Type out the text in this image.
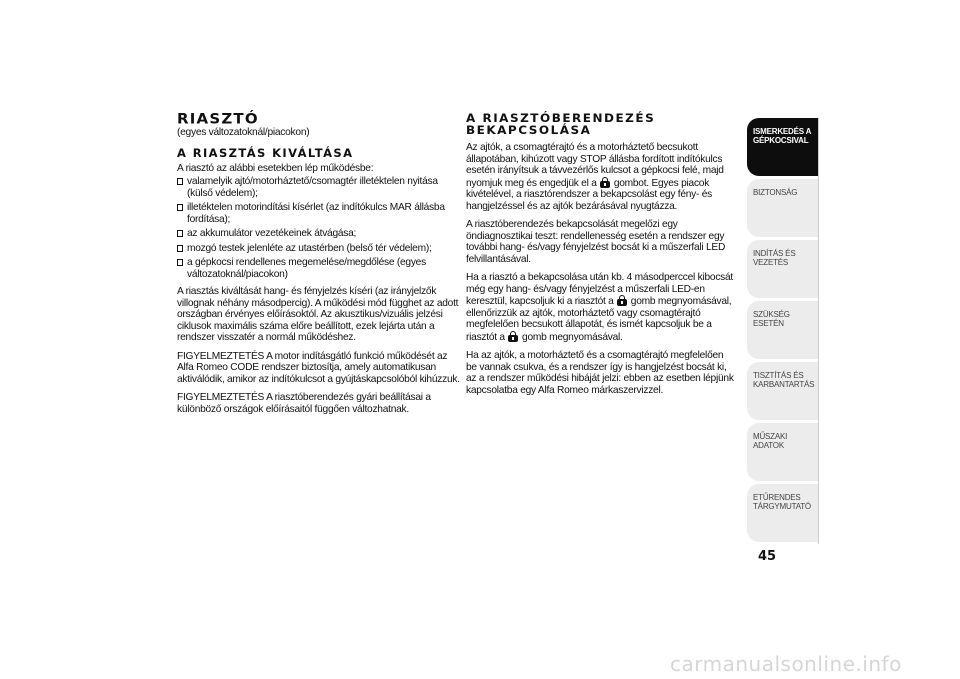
RIASZTÓ
(egyes változatoknál/piacokon)
A RIASZTÁS KIVÁLTÁSA
A riasztó az alábbi esetekben lép működésbe:
valamelyik ajtó/motorháztető/csomagtér illetéktelen nyitása (külső védelem);
illetéktelen motorindítási kísérlet (az indítókulcs MAR állásba fordítása);
az akkumulátor vezetékeinek átvágása;
mozgó testek jelenléte az utastérben (belső tér védelem);
a gépkocsi rendellenes megemelése/megdőlése (egyes változatoknál/piacokon)

A riasztás kiváltását hang- és fényjelzés kíséri (az irányjelzők villognak néhány másodpercig). A működési mód függhet az adott országban érvényes előírásoktól. Az akusztikus/vizuális jelzési ciklusok maximális száma előre beállított, ezek lejárta után a rendszer visszatér a normál működéshez.

FIGYELMEZTETÉS A motor indításgátló funkció működését az Alfa Romeo CODE rendszer biztosítja, amely automatikusan aktiválódik, amikor az indítókulcsot a gyújtáskapcsolóból kihúzzuk.

FIGYELMEZTETÉS A riasztóberendezés gyári beállításai a különböző országok előírásaitól függően változhatnak.

A RIASZTÓBERENDEZÉS
BEKAPCSOLÁSA

Az ajtók, a csomagtérajtó és a motorháztető becsukott állapotában, kihúzott vagy STOP állásba fordított indítókulcs esetén irányítsuk a távvezérlős kulcsot a gépkocsi felé, majd nyomjuk meg és engedjük el a gombot. Egyes piacok kivételével, a riasztórendszer a bekapcsolást egy fény- és hangjelzéssel és az ajtók bezárásával nyugtázza.

A riasztóberendezés bekapcsolását megelőzi egy öndiagnosztikai teszt: rendellenesség esetén a rendszer egy további hang- és/vagy fényjelzést bocsát ki a műszerfali LED felvillantásával.

Ha a riasztó a bekapcsolása után kb. 4 másodperccel kibocsát még egy hang- és/vagy fényjelzést a műszerfali LED-en keresztül, kapcsoljuk ki a riasztót a gomb megnyomásával, ellenőrizzük az ajtók, motorháztető vagy csomagtérajtó megfelelően becsukott állapotát, és ismét kapcsoljuk be a riasztót a gomb megnyomásával.

Ha az ajtók, a motorháztető és a csomagtérajtó megfelelően be vannak csukva, és a rendszer így is hangjelzést bocsát ki, az a rendszer működési hibáját jelzi: ebben az esetben lépjünk kapcsolatba egy Alfa Romeo márkaszervizzel.

ISMERKEDÉS A
GÉPKOCSIVAL
BIZTONSÁG
INDÍTÁS ÉS VEZETÉS
SZÜKSÉG ESETÉN
TISZTÍTÁS ÉS
KARBANTARTÁS
MŰSZAKI ADATOK
ETŰRENDES
TÁRGYMUTATÓ
45
carmanualsonline.info
